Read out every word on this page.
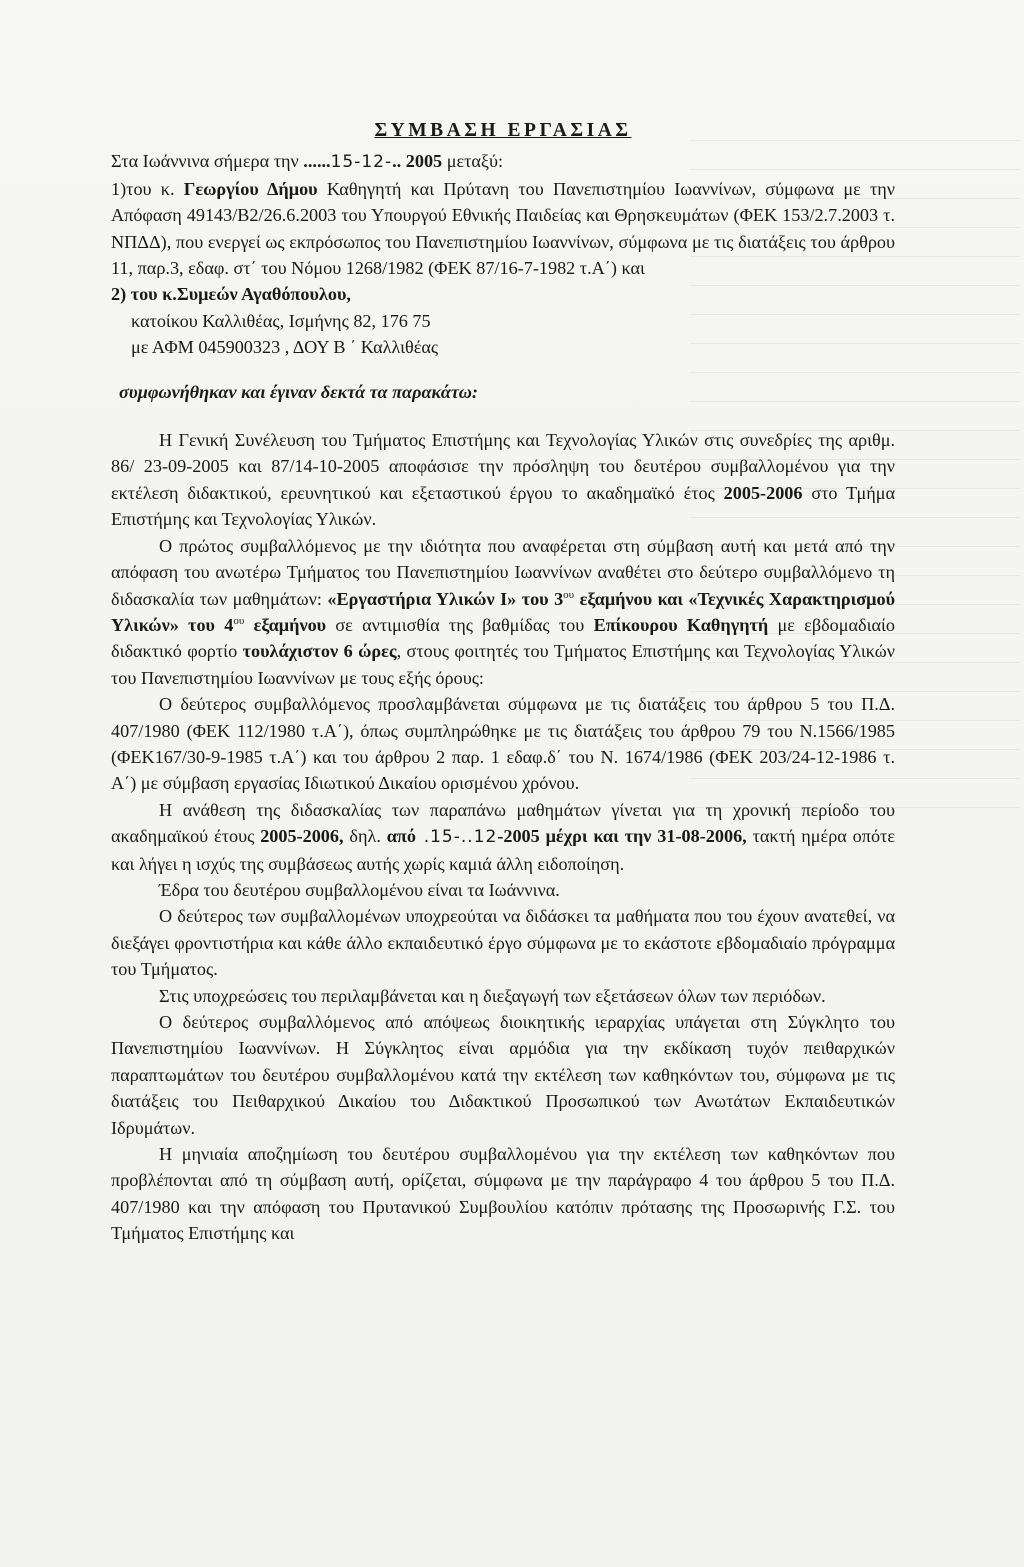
ΣΥΜΒΑΣΗ ΕΡΓΑΣΙΑΣ

Στα Ιωάννινα σήμερα την ......15-12-.. 2005 μεταξύ:

1)του κ. Γεωργίου Δήμου Καθηγητή και Πρύτανη του Πανεπιστημίου Ιωαννίνων, σύμφωνα με την Απόφαση 49143/Β2/26.6.2003 του Υπουργού Εθνικής Παιδείας και Θρησκευμάτων (ΦΕΚ 153/2.7.2003 τ. ΝΠΔΔ), που ενεργεί ως εκπρόσωπος του Πανεπιστημίου Ιωαννίνων, σύμφωνα με τις διατάξεις του άρθρου 11, παρ.3, εδαφ. στ΄ του Νόμου 1268/1982 (ΦΕΚ 87/16-7-1982 τ.Α΄) και

2) του κ.Συμεών Αγαθόπουλου,

κατοίκου Καλλιθέας, Ισμήνης 82, 176 75

με ΑΦΜ 045900323 , ΔΟΥ Β ΄ Καλλιθέας

συμφωνήθηκαν και έγιναν δεκτά τα παρακάτω:

Η Γενική Συνέλευση του Τμήματος Επιστήμης και Τεχνολογίας Υλικών στις συνεδρίες της αριθμ. 86/ 23-09-2005 και 87/14-10-2005 αποφάσισε την πρόσληψη του δευτέρου συμβαλλομένου για την εκτέλεση διδακτικού, ερευνητικού και εξεταστικού έργου το ακαδημαϊκό έτος 2005-2006 στο Τμήμα Επιστήμης και Τεχνολογίας Υλικών.

Ο πρώτος συμβαλλόμενος με την ιδιότητα που αναφέρεται στη σύμβαση αυτή και μετά από την απόφαση του ανωτέρω Τμήματος του Πανεπιστημίου Ιωαννίνων αναθέτει στο δεύτερο συμβαλλόμενο τη διδασκαλία των μαθημάτων: «Εργαστήρια Υλικών Ι» του $3^{o\upsilon}$ εξαμήνου και «Τεχνικές Χαρακτηρισμού Υλικών» του $4^{o\upsilon}$ εξαμήνου σε αντιμισθία της βαθμίδας του Επίκουρου Καθηγητή με εβδομαδιαίο διδακτικό φορτίο τουλάχιστον 6 ώρες, στους φοιτητές του Τμήματος Επιστήμης και Τεχνολογίας Υλικών του Πανεπιστημίου Ιωαννίνων με τους εξής όρους:

Ο δεύτερος συμβαλλόμενος προσλαμβάνεται σύμφωνα με τις διατάξεις του άρθρου 5 του Π.Δ. 407/1980 (ΦΕΚ 112/1980 τ.Α΄), όπως συμπληρώθηκε με τις διατάξεις του άρθρου 79 του Ν.1566/1985 (ΦΕΚ167/30-9-1985 τ.Α΄) και του άρθρου 2 παρ. 1 εδαφ.δ΄ του Ν. 1674/1986 (ΦΕΚ 203/24-12-1986 τ. Α΄) με σύμβαση εργασίας Ιδιωτικού Δικαίου ορισμένου χρόνου.

Η ανάθεση της διδασκαλίας των παραπάνω μαθημάτων γίνεται για τη χρονική περίοδο του ακαδημαϊκού έτους 2005-2006, δηλ. από .15-..12-2005 μέχρι και την 31-08-2006, τακτή ημέρα οπότε και λήγει η ισχύς της συμβάσεως αυτής χωρίς καμιά άλλη ειδοποίηση.

Έδρα του δευτέρου συμβαλλομένου είναι τα Ιωάννινα.

Ο δεύτερος των συμβαλλομένων υποχρεούται να διδάσκει τα μαθήματα που του έχουν ανατεθεί, να διεξάγει φροντιστήρια και κάθε άλλο εκπαιδευτικό έργο σύμφωνα με το εκάστοτε εβδομαδιαίο πρόγραμμα του Τμήματος.

Στις υποχρεώσεις του περιλαμβάνεται και η διεξαγωγή των εξετάσεων όλων των περιόδων.

Ο δεύτερος συμβαλλόμενος από απόψεως διοικητικής ιεραρχίας υπάγεται στη Σύγκλητο του Πανεπιστημίου Ιωαννίνων. Η Σύγκλητος είναι αρμόδια για την εκδίκαση τυχόν πειθαρχικών παραπτωμάτων του δευτέρου συμβαλλομένου κατά την εκτέλεση των καθηκόντων του, σύμφωνα με τις διατάξεις του Πειθαρχικού Δικαίου του Διδακτικού Προσωπικού των Ανωτάτων Εκπαιδευτικών Ιδρυμάτων.

Η μηνιαία αποζημίωση του δευτέρου συμβαλλομένου για την εκτέλεση των καθηκόντων που προβλέπονται από τη σύμβαση αυτή, ορίζεται, σύμφωνα με την παράγραφο 4 του άρθρου 5 του Π.Δ. 407/1980 και την απόφαση του Πρυτανικού Συμβουλίου κατόπιν πρότασης της Προσωρινής Γ.Σ. του Τμήματος Επιστήμης και
